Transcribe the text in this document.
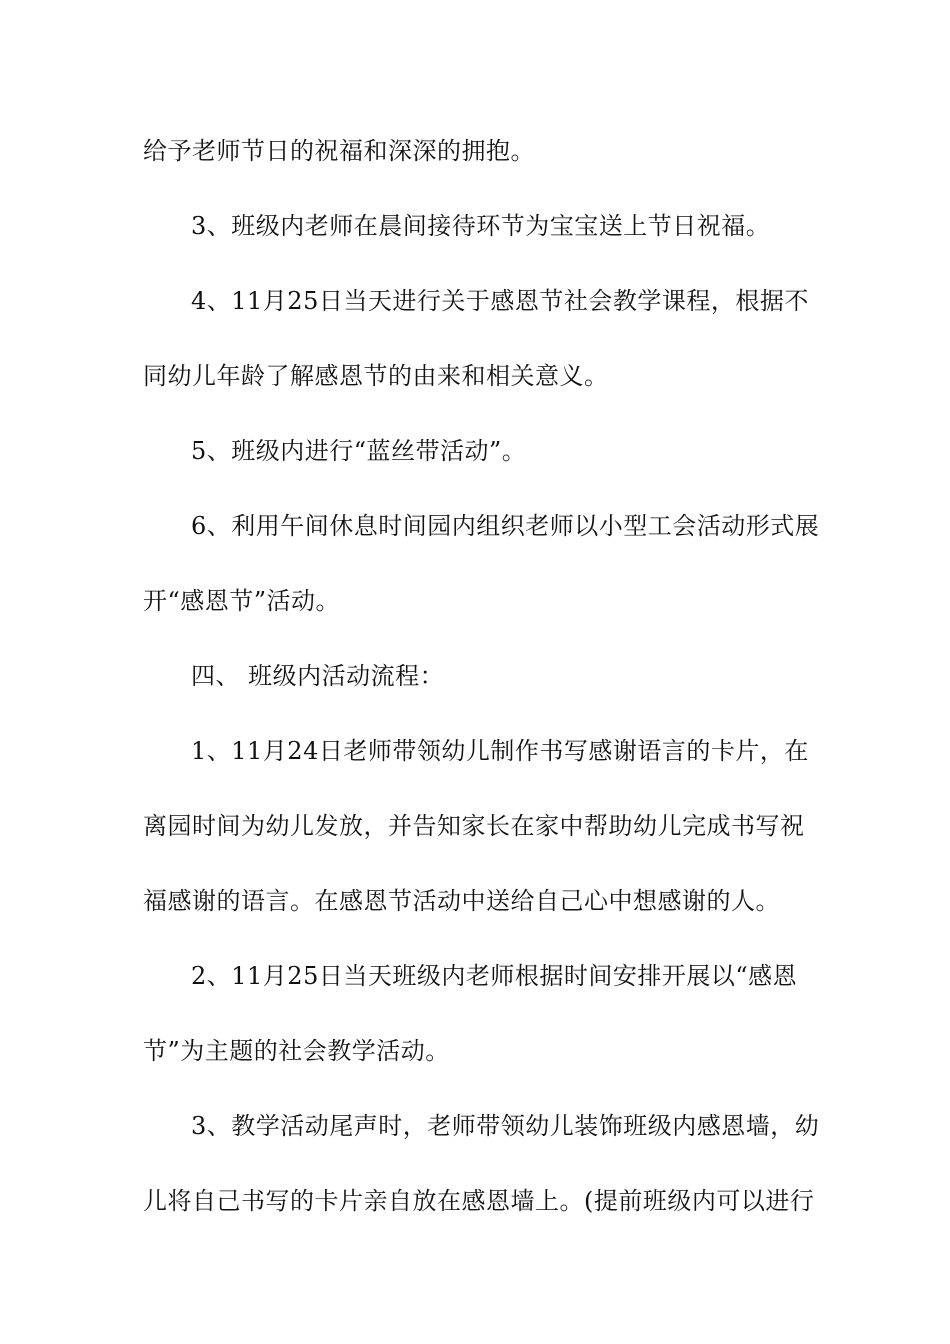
给予老师节日的祝福和深深的拥抱。
3、班级内老师在晨间接待环节为宝宝送上节日祝福。
4、11月25日当天进行关于感恩节社会教学课程，根据不
同幼儿年龄了解感恩节的由来和相关意义。
5、班级内进行“蓝丝带活动”。
6、利用午间休息时间园内组织老师以小型工会活动形式展
开“感恩节”活动。
四、 班级内活动流程：
1、11月24日老师带领幼儿制作书写感谢语言的卡片，在
离园时间为幼儿发放，并告知家长在家中帮助幼儿完成书写祝
福感谢的语言。在感恩节活动中送给自己心中想感谢的人。
2、11月25日当天班级内老师根据时间安排开展以“感恩
节”为主题的社会教学活动。
3、教学活动尾声时，老师带领幼儿装饰班级内感恩墙，幼
儿将自己书写的卡片亲自放在感恩墙上。(提前班级内可以进行
